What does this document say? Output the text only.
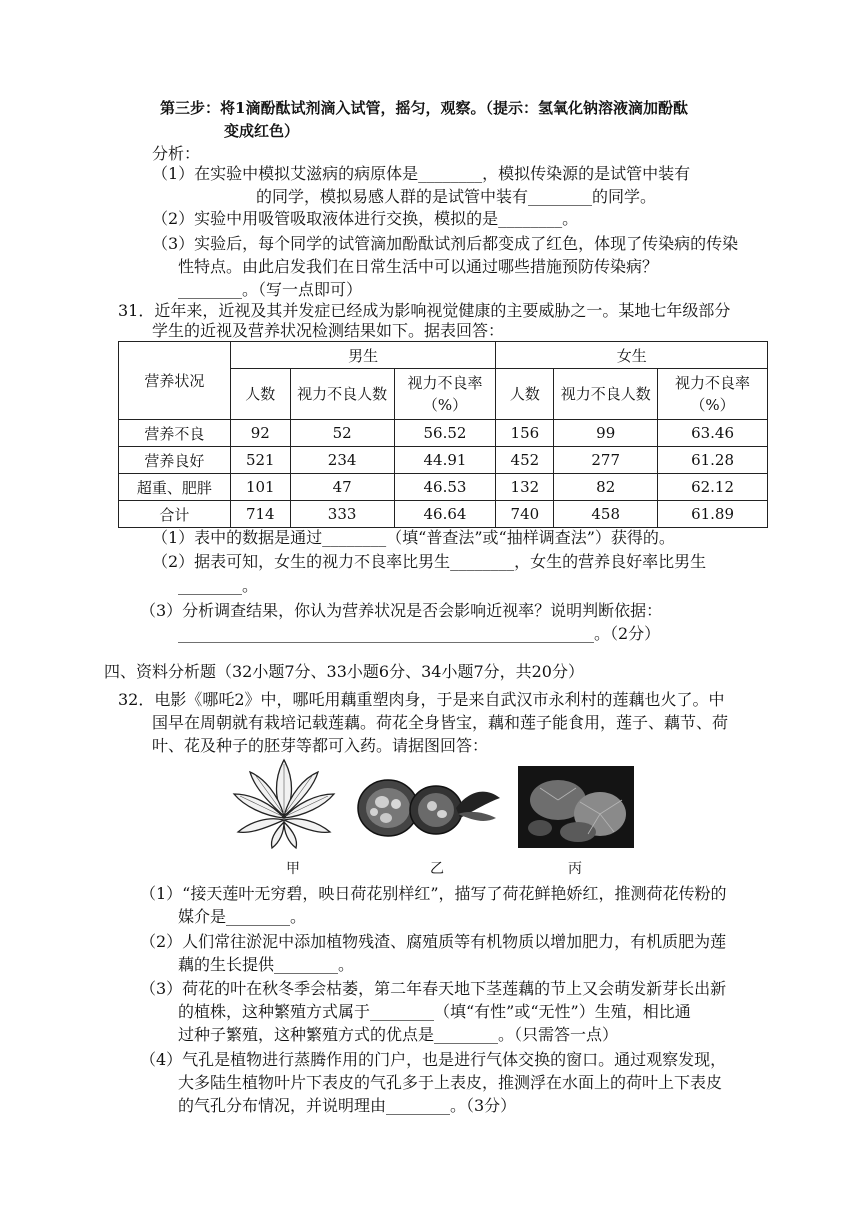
第三步：将1滴酚酞试剂滴入试管，摇匀，观察。（提示：氢氧化钠溶液滴加酚酞
变成红色）
分析：
（1）在实验中模拟艾滋病的病原体是________，模拟传染源的是试管中装有
的同学，模拟易感人群的是试管中装有________的同学。
（2）实验中用吸管吸取液体进行交换，模拟的是________。
（3）实验后，每个同学的试管滴加酚酞试剂后都变成了红色，体现了传染病的传染
性特点。由此启发我们在日常生活中可以通过哪些措施预防传染病？
________。（写一点即可）
31．近年来，近视及其并发症已经成为影响视觉健康的主要威胁之一。某地七年级部分
学生的近视及营养状况检测结果如下。据表回答：
营养状况	男生			女生		
	人数	视力不良人数	视力不良率（%）	人数	视力不良人数	视力不良率（%）
营养不良	92	52	56.52	156	99	63.46
营养良好	521	234	44.91	452	277	61.28
超重、肥胖	101	47	46.53	132	82	62.12
合计	714	333	46.64	740	458	61.89
（1）表中的数据是通过________（填“普查法”或“抽样调查法”）获得的。
（2）据表可知，女生的视力不良率比男生________，女生的营养良好率比男生
________。
（3）分析调查结果，你认为营养状况是否会影响近视率？说明判断依据：
____________________________________________________。（2分）
四、资料分析题（32小题7分、33小题6分、34小题7分，共20分）
32．电影《哪吒2》中，哪吒用藕重塑肉身，于是来自武汉市永利村的莲藕也火了。中
国早在周朝就有栽培记载莲藕。荷花全身皆宝，藕和莲子能食用，莲子、藕节、荷
叶、花及种子的胚芽等都可入药。请据图回答：
甲	乙	丙
（1）“接天莲叶无穷碧，映日荷花别样红”，描写了荷花鲜艳娇红，推测荷花传粉的
媒介是________。
（2）人们常往淤泥中添加植物残渣、腐殖质等有机物质以增加肥力，有机质肥为莲
藕的生长提供________。
（3）荷花的叶在秋冬季会枯萎，第二年春天地下茎莲藕的节上又会萌发新芽长出新
的植株，这种繁殖方式属于________（填“有性”或“无性”）生殖，相比通
过种子繁殖，这种繁殖方式的优点是________。（只需答一点）
（4）气孔是植物进行蒸腾作用的门户，也是进行气体交换的窗口。通过观察发现，
大多陆生植物叶片下表皮的气孔多于上表皮，推测浮在水面上的荷叶上下表皮
的气孔分布情况，并说明理由________。（3分）
